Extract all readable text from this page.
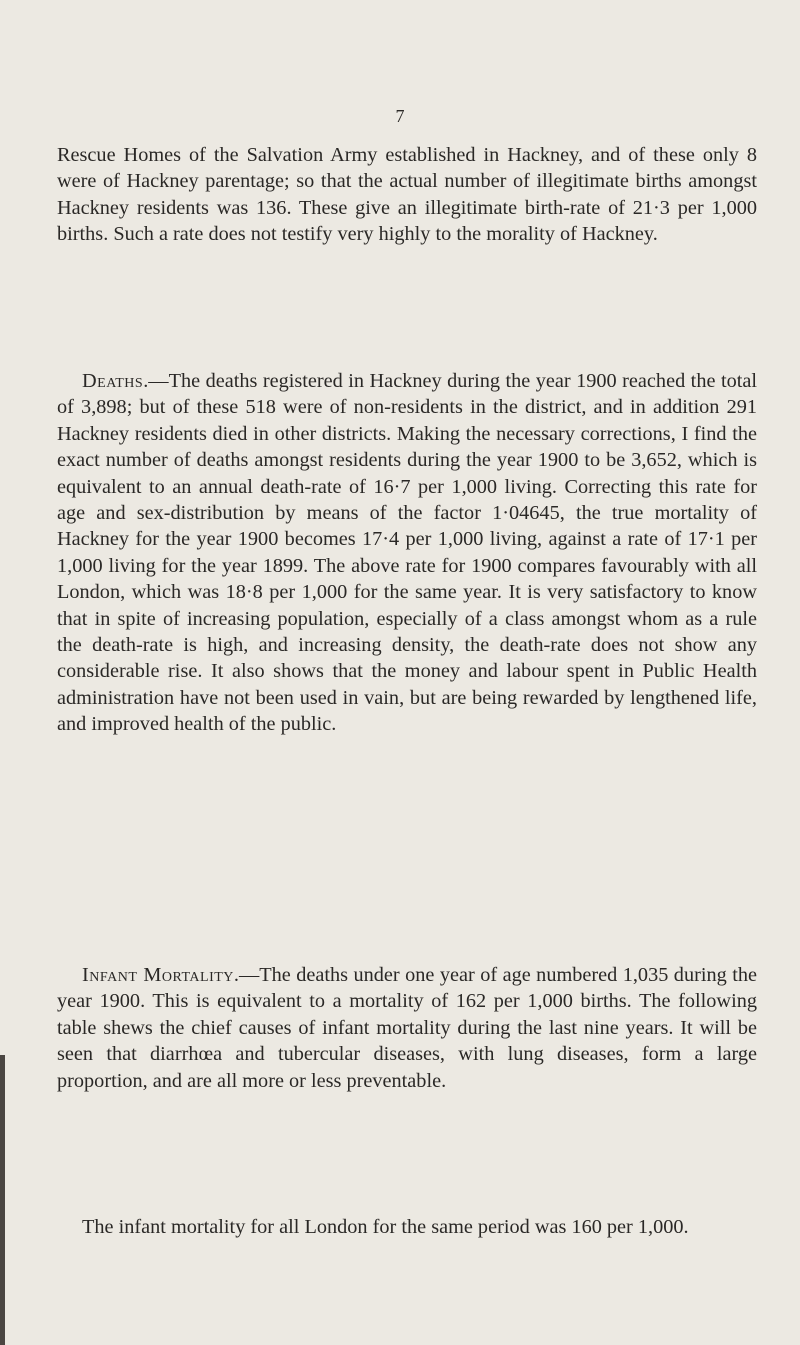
7

Rescue Homes of the Salvation Army established in Hackney, and of these only 8 were of Hackney parentage; so that the actual number of illegitimate births amongst Hackney residents was 136. These give an illegitimate birth-rate of 21·3 per 1,000 births. Such a rate does not testify very highly to the morality of Hackney.

Deaths.—The deaths registered in Hackney during the year 1900 reached the total of 3,898; but of these 518 were of non-residents in the district, and in addition 291 Hackney residents died in other districts. Making the necessary corrections, I find the exact number of deaths amongst residents during the year 1900 to be 3,652, which is equivalent to an annual death-rate of 16·7 per 1,000 living. Correcting this rate for age and sex-distribution by means of the factor 1·04645, the true mortality of Hackney for the year 1900 becomes 17·4 per 1,000 living, against a rate of 17·1 per 1,000 living for the year 1899. The above rate for 1900 compares favourably with all London, which was 18·8 per 1,000 for the same year. It is very satisfactory to know that in spite of increasing population, especially of a class amongst whom as a rule the death-rate is high, and increasing density, the death-rate does not show any considerable rise. It also shows that the money and labour spent in Public Health administration have not been used in vain, but are being rewarded by lengthened life, and improved health of the public.

Infant Mortality.—The deaths under one year of age numbered 1,035 during the year 1900. This is equivalent to a mortality of 162 per 1,000 births. The following table shews the chief causes of infant mortality during the last nine years. It will be seen that diarrhœa and tubercular diseases, with lung diseases, form a large proportion, and are all more or less preventable.

The infant mortality for all London for the same period was 160 per 1,000.
